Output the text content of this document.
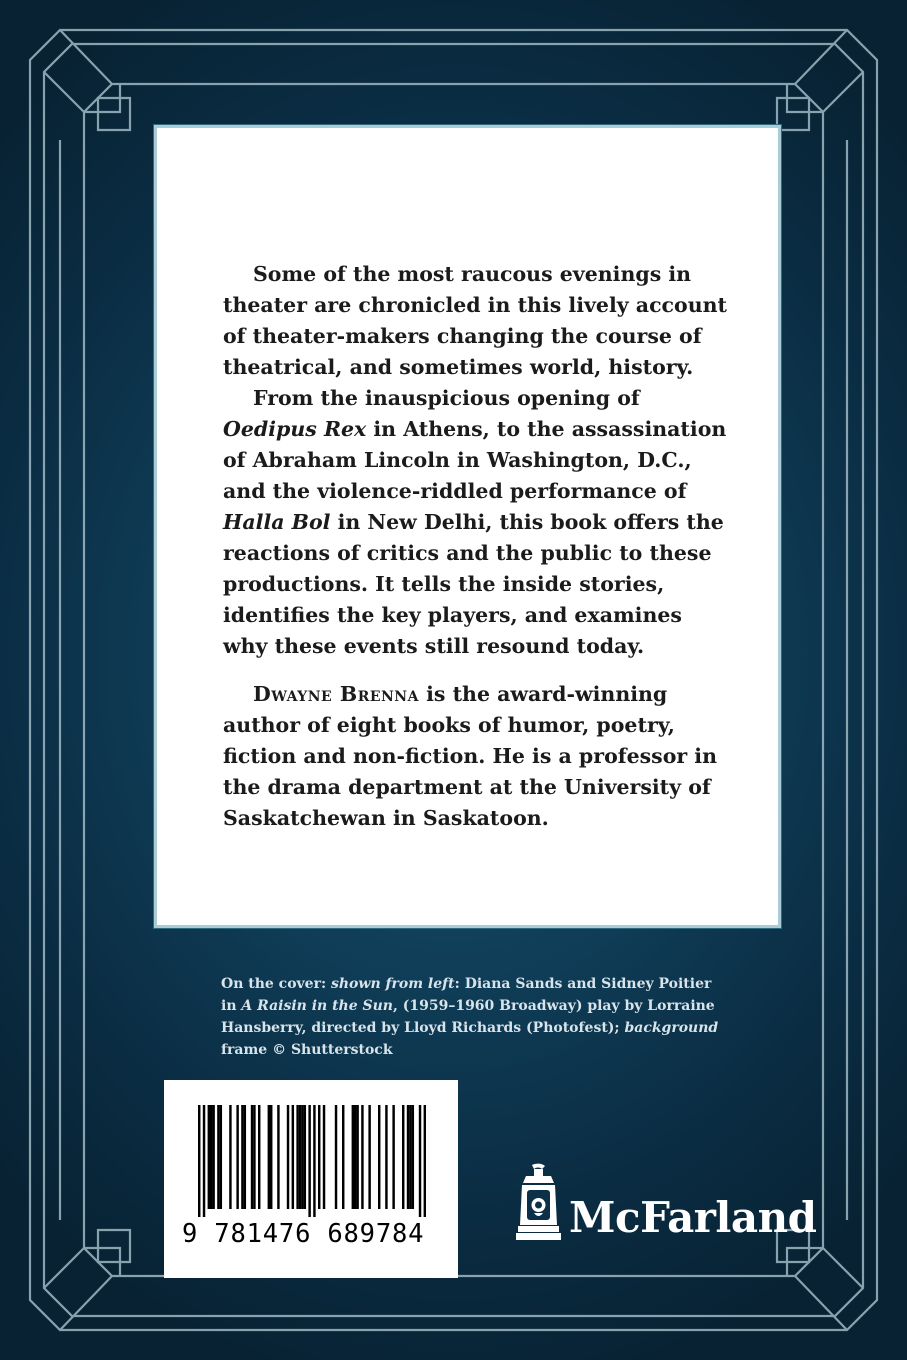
Some of the most raucous evenings in theater are chronicled in this lively account of theater-makers changing the course of theatrical, and sometimes world, history.

From the inauspicious opening of Oedipus Rex in Athens, to the assassination of Abraham Lincoln in Washington, D.C., and the violence-riddled performance of Halla Bol in New Delhi, this book offers the reactions of critics and the public to these productions. It tells the inside stories, identifies the key players, and examines why these events still resound today.

Dwayne Brenna is the award-winning author of eight books of humor, poetry, fiction and non-fiction. He is a professor in the drama department at the University of Saskatchewan in Saskatoon.

On the cover: shown from left: Diana Sands and Sidney Poitier in A Raisin in the Sun, (1959–1960 Broadway) play by Lorraine Hansberry, directed by Lloyd Richards (Photofest); background frame © Shutterstock
9 781476 689784	McFarland
